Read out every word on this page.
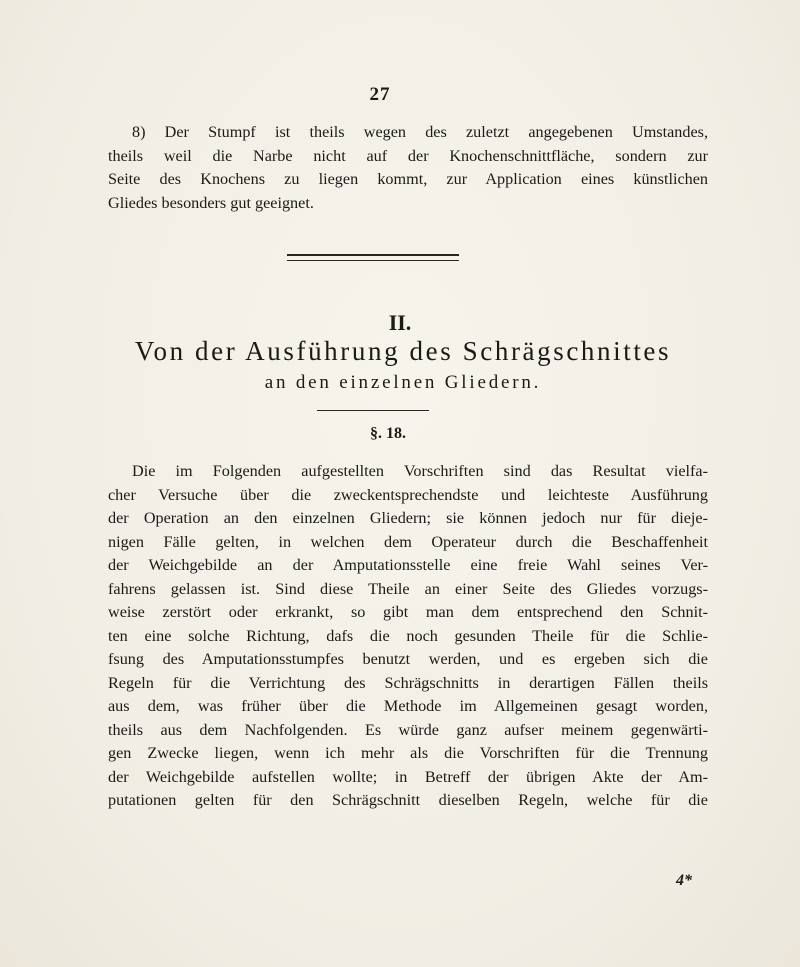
27
8) Der Stumpf ist theils wegen des zuletzt angegebenen Umstandes,
theils weil die Narbe nicht auf der Knochenschnittfläche, sondern zur
Seite des Knochens zu liegen kommt, zur Application eines künstlichen
Gliedes besonders gut geeignet.
II.
Von der Ausführung des Schrägschnittes
an den einzelnen Gliedern.
§. 18.
Die im Folgenden aufgestellten Vorschriften sind das Resultat vielfa-
cher Versuche über die zweckentsprechendste und leichteste Ausführung
der Operation an den einzelnen Gliedern; sie können jedoch nur für dieje-
nigen Fälle gelten, in welchen dem Operateur durch die Beschaffenheit
der Weichgebilde an der Amputationsstelle eine freie Wahl seines Ver-
fahrens gelassen ist. Sind diese Theile an einer Seite des Gliedes vorzugs-
weise zerstört oder erkrankt, so gibt man dem entsprechend den Schnit-
ten eine solche Richtung, dafs die noch gesunden Theile für die Schlie-
fsung des Amputationsstumpfes benutzt werden, und es ergeben sich die
Regeln für die Verrichtung des Schrägschnitts in derartigen Fällen theils
aus dem, was früher über die Methode im Allgemeinen gesagt worden,
theils aus dem Nachfolgenden. Es würde ganz aufser meinem gegenwärti-
gen Zwecke liegen, wenn ich mehr als die Vorschriften für die Trennung
der Weichgebilde aufstellen wollte; in Betreff der übrigen Akte der Am-
putationen gelten für den Schrägschnitt dieselben Regeln, welche für die
4*
